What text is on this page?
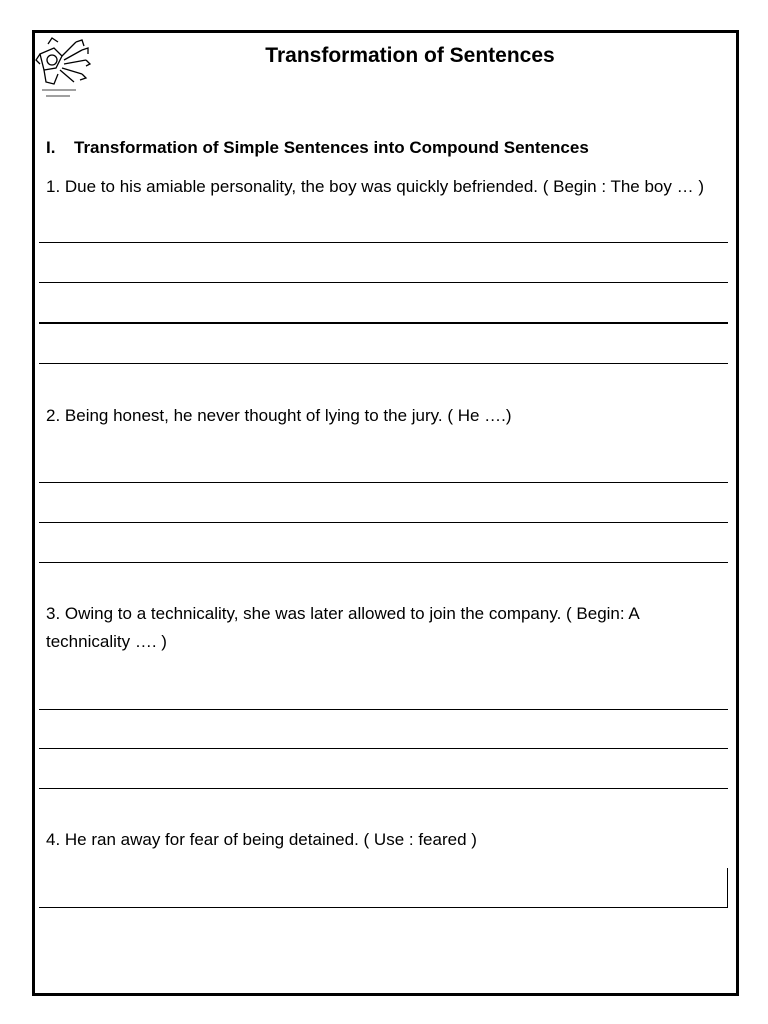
Transformation of Sentences
I. Transformation of Simple Sentences into Compound Sentences
1. Due to his amiable personality, the boy was quickly befriended. ( Begin : The boy … )
2. Being honest, he never thought of lying to the jury. ( He ….)
3. Owing to a technicality, she was later allowed to join the company. ( Begin: A technicality …. )
4. He ran away for fear of being detained. ( Use : feared )
